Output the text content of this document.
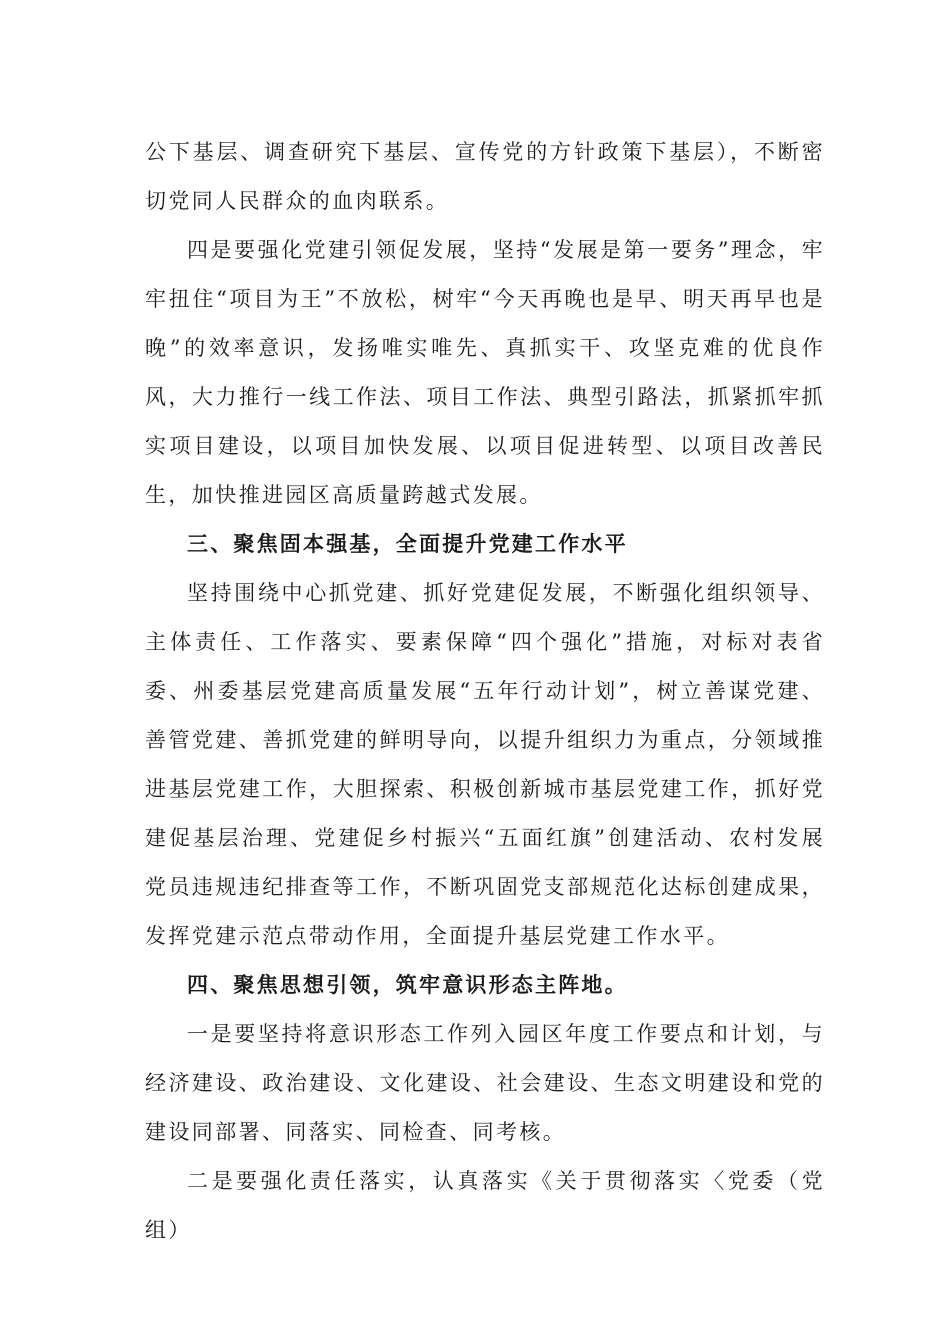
公下基层、调查研究下基层、宣传党的方针政策下基层），不断密切党同人民群众的血肉联系。

四是要强化党建引领促发展，坚持“发展是第一要务”理念，牢牢扭住“项目为王”不放松，树牢“今天再晚也是早、明天再早也是晚”的效率意识，发扬唯实唯先、真抓实干、攻坚克难的优良作风，大力推行一线工作法、项目工作法、典型引路法，抓紧抓牢抓实项目建设，以项目加快发展、以项目促进转型、以项目改善民生，加快推进园区高质量跨越式发展。

三、聚焦固本强基，全面提升党建工作水平

坚持围绕中心抓党建、抓好党建促发展，不断强化组织领导、主体责任、工作落实、要素保障“四个强化”措施，对标对表省委、州委基层党建高质量发展“五年行动计划”，树立善谋党建、善管党建、善抓党建的鲜明导向，以提升组织力为重点，分领域推进基层党建工作，大胆探索、积极创新城市基层党建工作，抓好党建促基层治理、党建促乡村振兴“五面红旗”创建活动、农村发展党员违规违纪排查等工作，不断巩固党支部规范化达标创建成果，发挥党建示范点带动作用，全面提升基层党建工作水平。

四、聚焦思想引领，筑牢意识形态主阵地。

一是要坚持将意识形态工作列入园区年度工作要点和计划，与经济建设、政治建设、文化建设、社会建设、生态文明建设和党的建设同部署、同落实、同检查、同考核。

二是要强化责任落实，认真落实《关于贯彻落实〈党委（党组）
